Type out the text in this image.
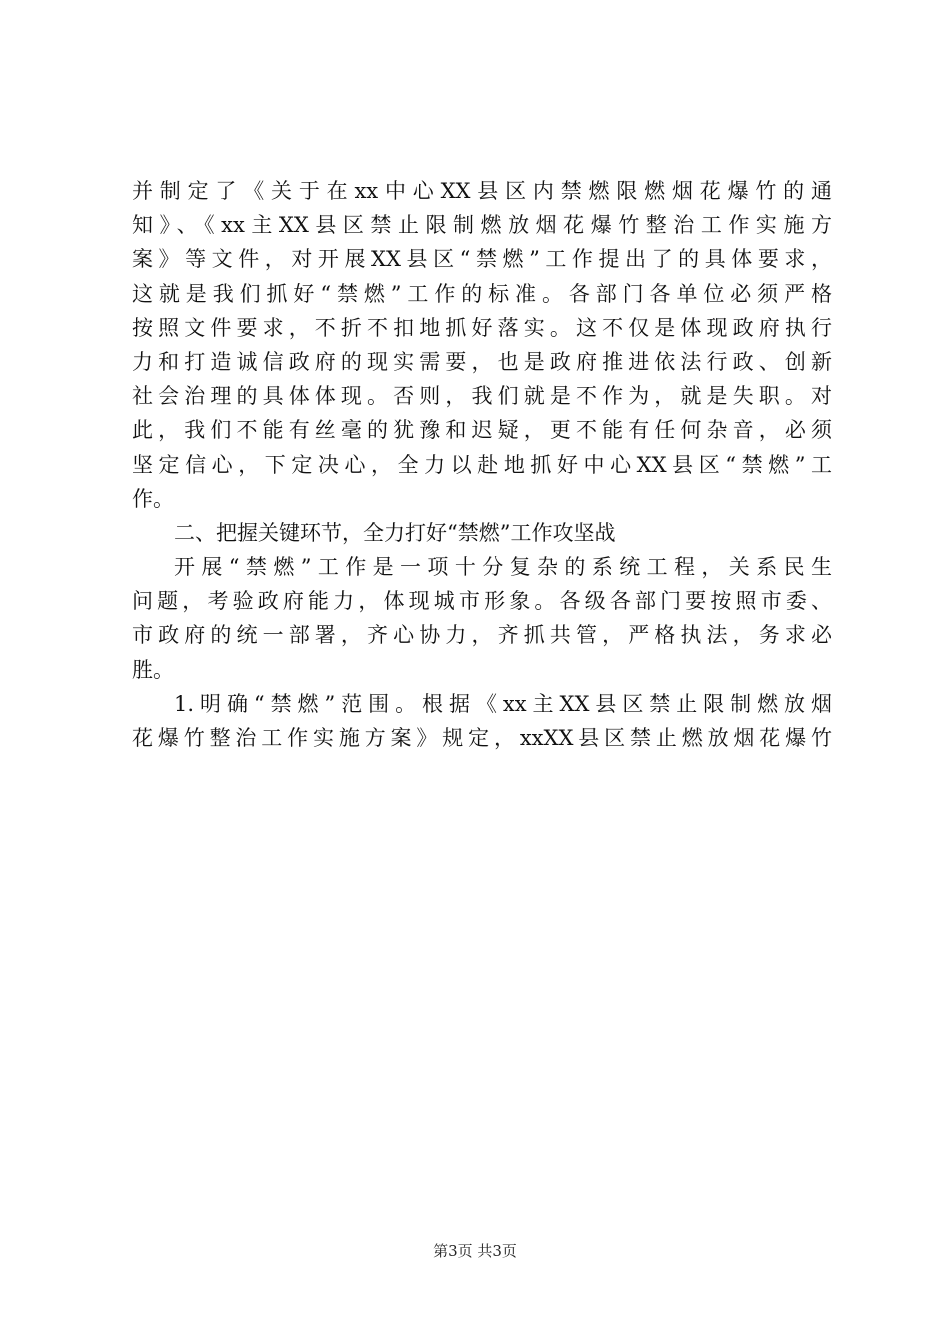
并制定了《关于在xx中心XX县区内禁燃限燃烟花爆竹的通
知》、《xx主XX县区禁止限制燃放烟花爆竹整治工作实施方
案》等文件，对开展XX县区“禁燃”工作提出了的具体要求，
这就是我们抓好“禁燃”工作的标准。各部门各单位必须严格
按照文件要求，不折不扣地抓好落实。这不仅是体现政府执行
力和打造诚信政府的现实需要，也是政府推进依法行政、创新
社会治理的具体体现。否则，我们就是不作为，就是失职。对
此，我们不能有丝毫的犹豫和迟疑，更不能有任何杂音，必须
坚定信心，下定决心，全力以赴地抓好中心XX县区“禁燃”工
作。
二、把握关键环节，全力打好“禁燃”工作攻坚战
开展“禁燃”工作是一项十分复杂的系统工程，关系民生
问题，考验政府能力，体现城市形象。各级各部门要按照市委、
市政府的统一部署，齐心协力，齐抓共管，严格执法，务求必
胜。
1.明确“禁燃”范围。根据《xx主XX县区禁止限制燃放烟
花爆竹整治工作实施方案》规定，xxXX县区禁止燃放烟花爆竹
第3页 共3页
